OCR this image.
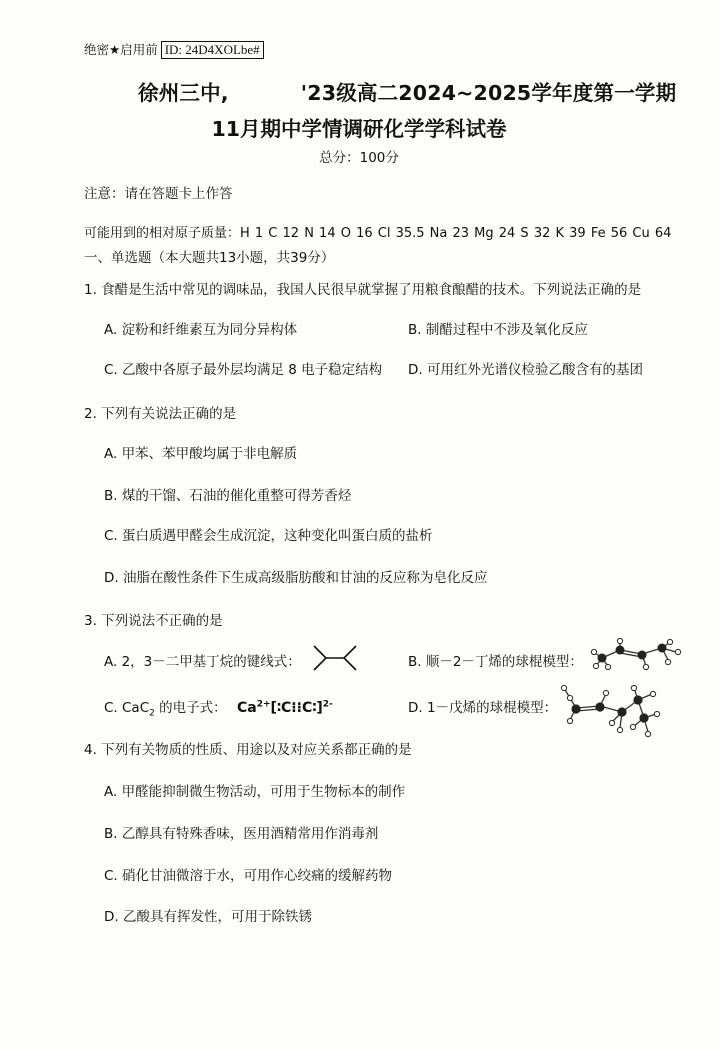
绝密★启用前 ID: 24D4XOLbe#
徐州三中,	'23级高二2024~2025学年度第一学期
11月期中学情调研化学学科试卷
总分：100分
注意：请在答题卡上作答
可能用到的相对原子质量：H 1 C 12 N 14 O 16 Cl 35.5 Na 23 Mg 24 S 32 K 39 Fe 56 Cu 64
一、单选题（本大题共13小题，共39分）
1. 食醋是生活中常见的调味品，我国人民很早就掌握了用粮食酿醋的技术。下列说法正确的是
A. 淀粉和纤维素互为同分异构体	B. 制醋过程中不涉及氧化反应
C. 乙酸中各原子最外层均满足 8 电子稳定结构 D. 可用红外光谱仪检验乙酸含有的基团
2. 下列有关说法正确的是
A. 甲苯、苯甲酸均属于非电解质
B. 煤的干馏、石油的催化重整可得芳香烃
C. 蛋白质遇甲醛会生成沉淀，这种变化叫蛋白质的盐析
D. 油脂在酸性条件下生成高级脂肪酸和甘油的反应称为皂化反应
3. 下列说法不正确的是
A. 2，3－二甲基丁烷的键线式：	B. 顺－2－丁烯的球棍模型：
C. CaC$_2$ 的电子式： $Ca^{2+}[∶C⁝⁝C∶]^{2-}$	D. 1－戊烯的球棍模型：
4. 下列有关物质的性质、用途以及对应关系都正确的是
A. 甲醛能抑制微生物活动，可用于生物标本的制作
B. 乙醇具有特殊香味，医用酒精常用作消毒剂
C. 硝化甘油微溶于水，可用作心绞痛的缓解药物
D. 乙酸具有挥发性，可用于除铁锈
